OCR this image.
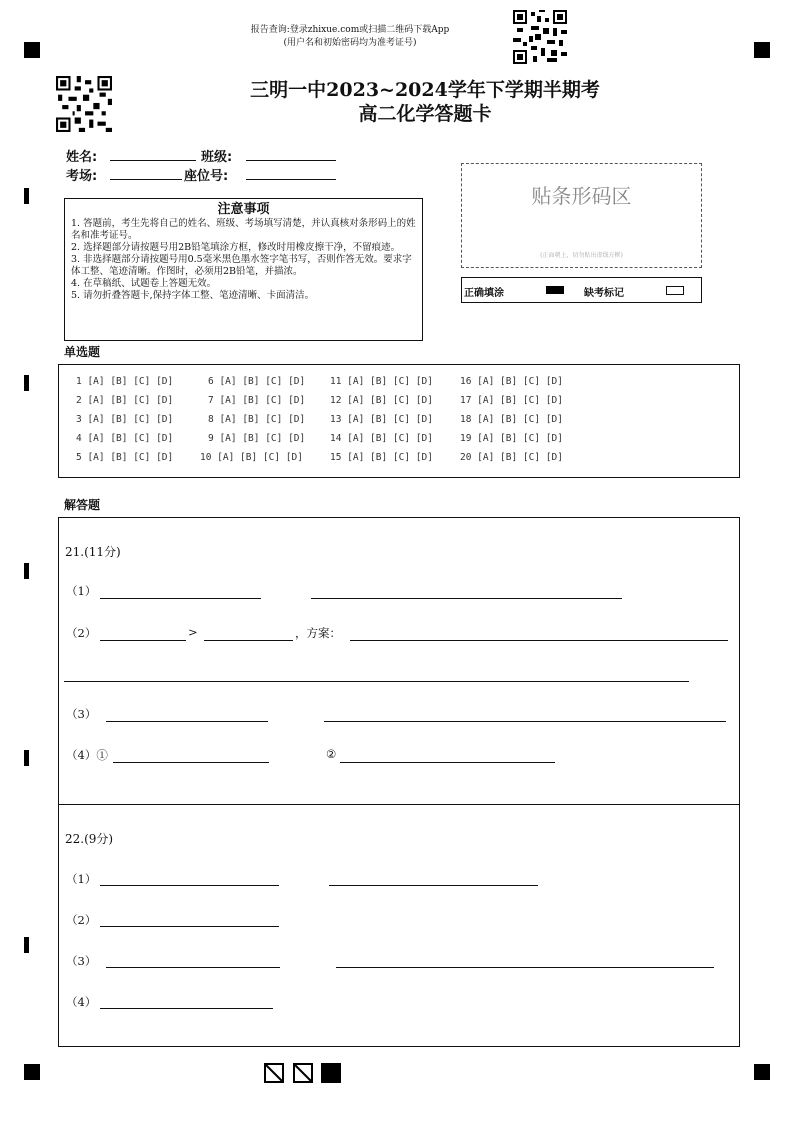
报告查询:登录zhixue.com或扫描二维码下载App
(用户名和初始密码均为准考证号)
三明一中2023~2024学年下学期半期考
高二化学答题卡
姓名:	班级:
考场:	座位号:
注意事项
1. 答题前，考生先将自己的姓名、班级、考场填写清楚，并认真核对条形码上的姓名和准考证号。
2. 选择题部分请按题号用2B铅笔填涂方框，修改时用橡皮擦干净，不留痕迹。
3. 非选择题部分请按题号用0.5毫米黑色墨水签字笔书写，否则作答无效。要求字体工整、笔迹清晰。作图时，必须用2B铅笔，并描浓。
4. 在草稿纸、试题卷上答题无效。
5. 请勿折叠答题卡,保持字体工整、笔迹清晰、卡面清洁。
贴条形码区
(正面朝上，切勿贴出虚线方框)
正确填涂	缺考标记
单选题
1 [A] [B] [C] [D]
2 [A] [B] [C] [D]
3 [A] [B] [C] [D]
4 [A] [B] [C] [D]
5 [A] [B] [C] [D]
6 [A] [B] [C] [D]
7 [A] [B] [C] [D]
8 [A] [B] [C] [D]
9 [A] [B] [C] [D]
10 [A] [B] [C] [D]
11 [A] [B] [C] [D]
12 [A] [B] [C] [D]
13 [A] [B] [C] [D]
14 [A] [B] [C] [D]
15 [A] [B] [C] [D]
16 [A] [B] [C] [D]
17 [A] [B] [C] [D]
18 [A] [B] [C] [D]
19 [A] [B] [C] [D]
20 [A] [B] [C] [D]
解答题
21.(11分)
（1）
（2）	>	，方案：
（3）
（4）①	②
22.(9分)
（1）
（2）
（3）
（4）
